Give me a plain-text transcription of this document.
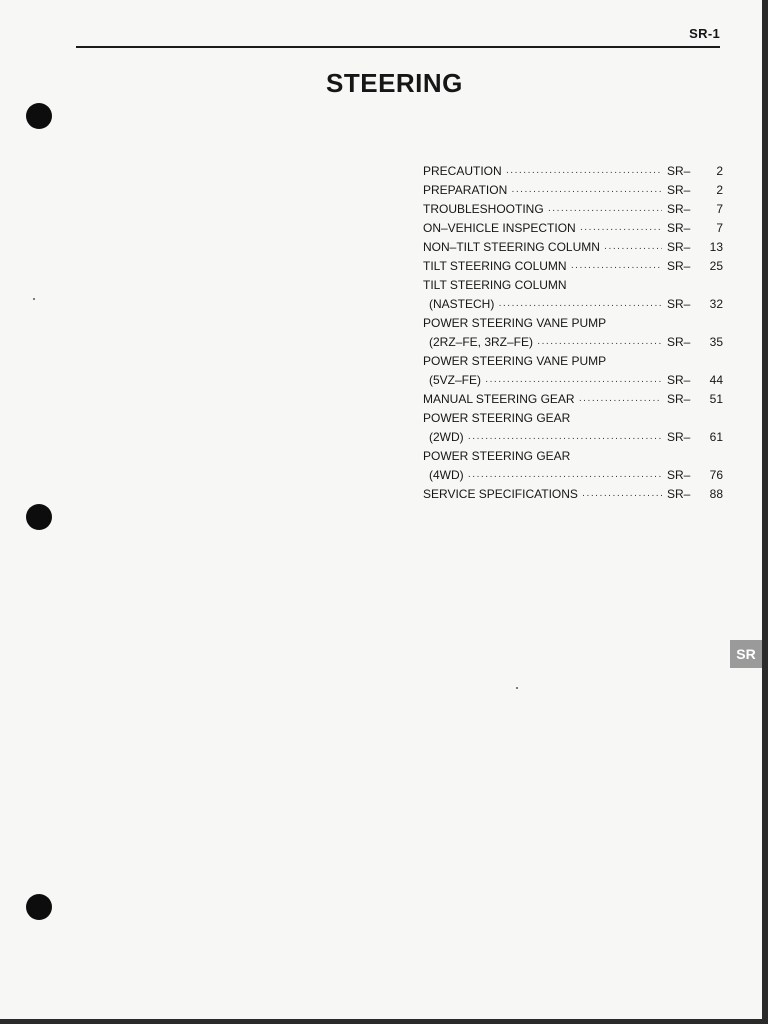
SR-1
STEERING
PRECAUTION ·····	SR–	2
PREPARATION ·····	SR–	2
TROUBLESHOOTING ·····	SR–	7
ON–VEHICLE INSPECTION ·····	SR–	7
NON–TILT STEERING COLUMN ·····	SR–	13
TILT STEERING COLUMN ·····	SR–	25
TILT STEERING COLUMN
(NASTECH) ·····	SR–	32
POWER STEERING VANE PUMP
(2RZ–FE, 3RZ–FE) ·····	SR–	35
POWER STEERING VANE PUMP
(5VZ–FE) ·····	SR–	44
MANUAL STEERING GEAR ·····	SR–	51
POWER STEERING GEAR
(2WD) ·····	SR–	61
POWER STEERING GEAR
(4WD) ·····	SR–	76
SERVICE SPECIFICATIONS ·····	SR–	88
SR
